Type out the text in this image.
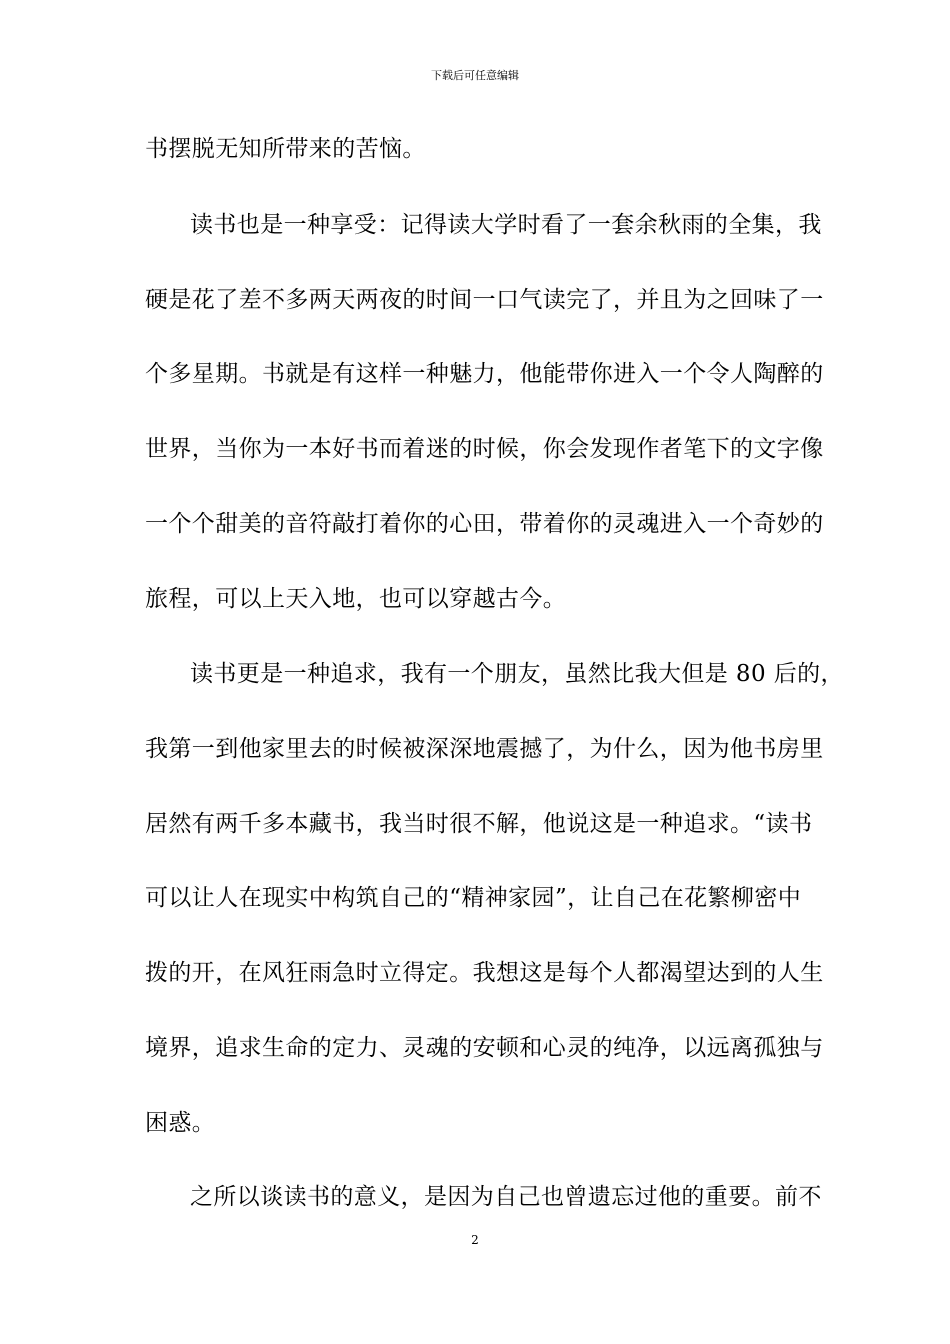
下载后可任意编辑
书摆脱无知所带来的苦恼。
读书也是一种享受：记得读大学时看了一套余秋雨的全集，我
硬是花了差不多两天两夜的时间一口气读完了，并且为之回味了一
个多星期。书就是有这样一种魅力，他能带你进入一个令人陶醉的
世界，当你为一本好书而着迷的时候，你会发现作者笔下的文字像
一个个甜美的音符敲打着你的心田，带着你的灵魂进入一个奇妙的
旅程，可以上天入地，也可以穿越古今。
读书更是一种追求，我有一个朋友，虽然比我大但是 80 后的，
我第一到他家里去的时候被深深地震撼了，为什么，因为他书房里
居然有两千多本藏书，我当时很不解，他说这是一种追求。“读书
可以让人在现实中构筑自己的“精神家园”，让自己在花繁柳密中
拨的开，在风狂雨急时立得定。我想这是每个人都渴望达到的人生
境界，追求生命的定力、灵魂的安顿和心灵的纯净，以远离孤独与
困惑。
之所以谈读书的意义，是因为自己也曾遗忘过他的重要。前不
2
